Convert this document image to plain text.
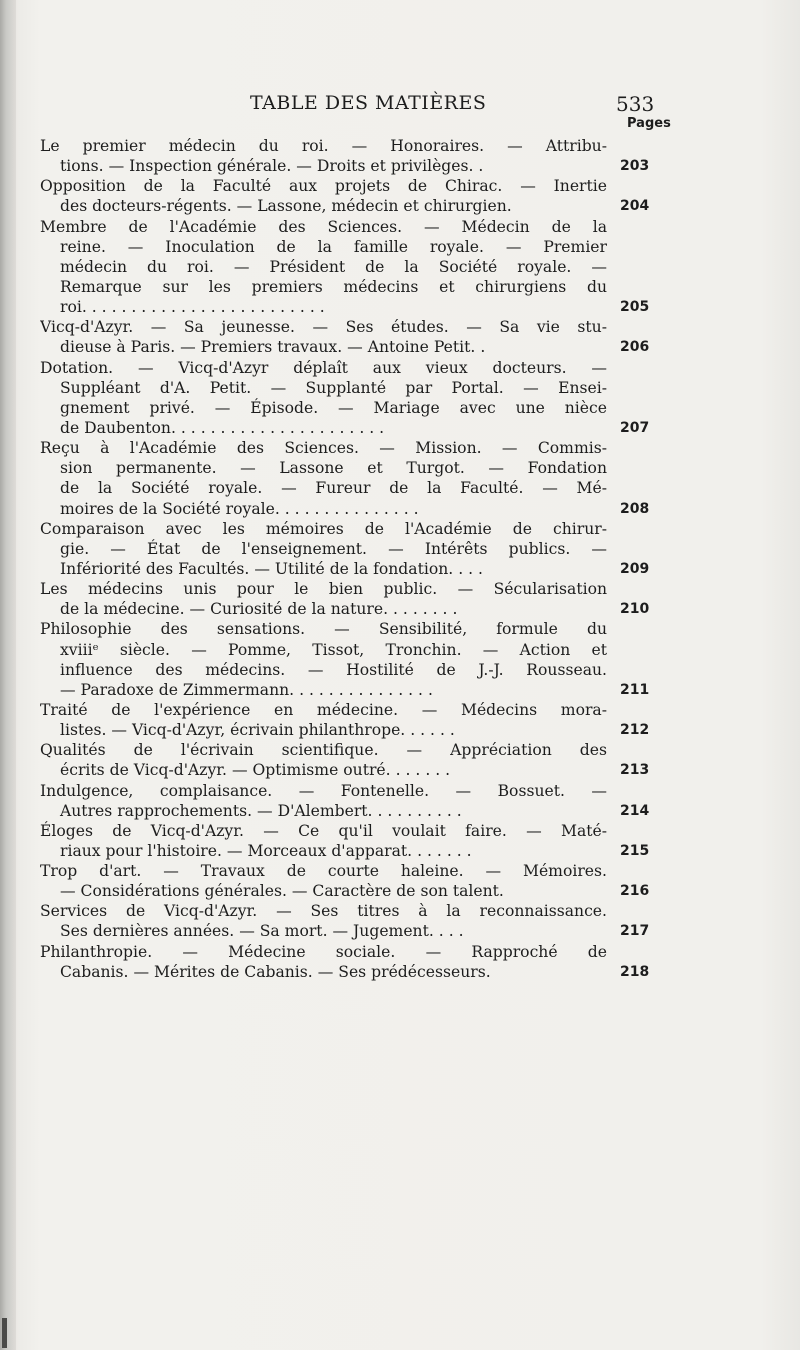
TABLE DES MATIÈRES	533
Pages
Le premier médecin du roi. — Honoraires. — Attribu-
tions. — Inspection générale. — Droits et privilèges. .	203
Opposition de la Faculté aux projets de Chirac. — Inertie
des docteurs-régents. — Lassone, médecin et chirurgien.	204
Membre de l'Académie des Sciences. — Médecin de la
reine. — Inoculation de la famille royale. — Premier
médecin du roi. — Président de la Société royale. —
Remarque sur les premiers médecins et chirurgiens du
roi. . . . . . . . . . . . . . . . . . . . . . . . .	205
Vicq-d'Azyr. — Sa jeunesse. — Ses études. — Sa vie stu-
dieuse à Paris. — Premiers travaux. — Antoine Petit. .	206
Dotation. — Vicq-d'Azyr déplaît aux vieux docteurs. —
Suppléant d'A. Petit. — Supplanté par Portal. — Ensei-
gnement privé. — Épisode. — Mariage avec une nièce
de Daubenton. . . . . . . . . . . . . . . . . . . . . .	207
Reçu à l'Académie des Sciences. — Mission. — Commis-
sion permanente. — Lassone et Turgot. — Fondation
de la Société royale. — Fureur de la Faculté. — Mé-
moires de la Société royale. . . . . . . . . . . . . . .	208
Comparaison avec les mémoires de l'Académie de chirur-
gie. — État de l'enseignement. — Intérêts publics. —
Infériorité des Facultés. — Utilité de la fondation. . . .	209
Les médecins unis pour le bien public. — Sécularisation
de la médecine. — Curiosité de la nature. . . . . . . .	210
Philosophie des sensations. — Sensibilité, formule du
xviiiᵉ siècle. — Pomme, Tissot, Tronchin. — Action et
influence des médecins. — Hostilité de J.-J. Rousseau.
— Paradoxe de Zimmermann. . . . . . . . . . . . . . .	211
Traité de l'expérience en médecine. — Médecins mora-
listes. — Vicq-d'Azyr, écrivain philanthrope. . . . . .	212
Qualités de l'écrivain scientifique. — Appréciation des
écrits de Vicq-d'Azyr. — Optimisme outré. . . . . . .	213
Indulgence, complaisance. — Fontenelle. — Bossuet. —
Autres rapprochements. — D'Alembert. . . . . . . . . .	214
Éloges de Vicq-d'Azyr. — Ce qu'il voulait faire. — Maté-
riaux pour l'histoire. — Morceaux d'apparat. . . . . . .	215
Trop d'art. — Travaux de courte haleine. — Mémoires.
— Considérations générales. — Caractère de son talent.	216
Services de Vicq-d'Azyr. — Ses titres à la reconnaissance.
Ses dernières années. — Sa mort. — Jugement. . . .	217
Philanthropie. — Médecine sociale. — Rapproché de
Cabanis. — Mérites de Cabanis. — Ses prédécesseurs.	218
